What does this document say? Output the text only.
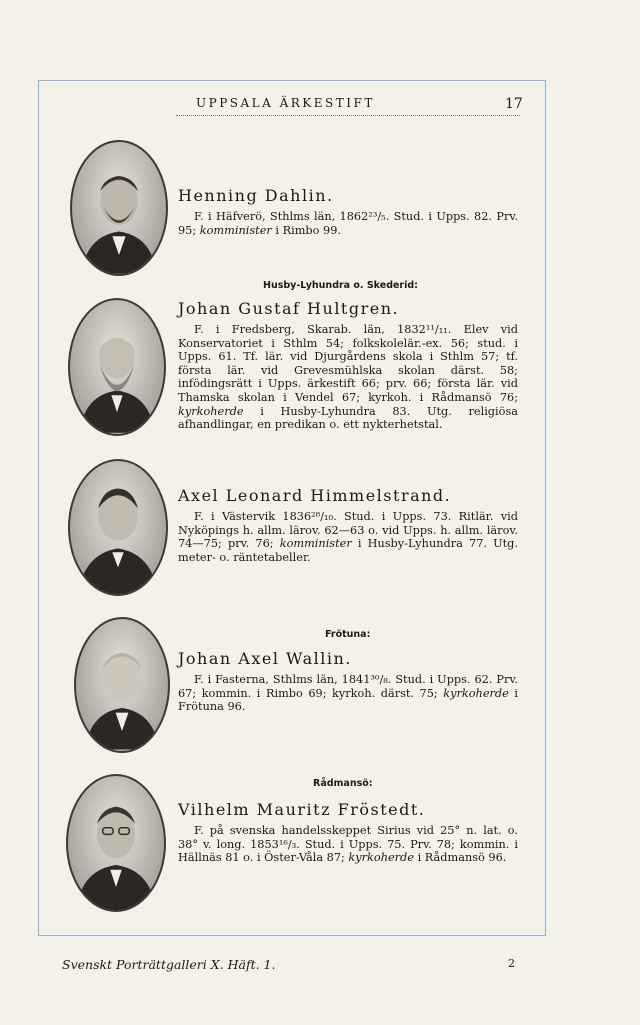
UPPSALA ÄRKESTIFT	17
Henning Dahlin.

F. i Häfverö, Sthlms län, 1862²³/₅. Stud. i Upps. 82. Prv. 95; komminister i Rimbo 99.

Husby-Lyhundra o. Skederid:
Johan Gustaf Hultgren.

F. i Fredsberg, Skarab. län, 1832¹¹/₁₁. Elev vid Konservatoriet i Sthlm 54; folkskolelär.-ex. 56; stud. i Upps. 61. Tf. lär. vid Djurgårdens skola i Sthlm 57; tf. första lär. vid Grevesmühlska skolan därst. 58; infödingsrätt i Upps. ärkestift 66; prv. 66; första lär. vid Thamska skolan i Vendel 67; kyrkoh. i Rådmansö 76; kyrkoherde i Husby-Lyhundra 83. Utg. religiösa afhandlingar, en predikan o. ett nykterhetstal.

Axel Leonard Himmelstrand.

F. i Västervik 1836²⁸/₁₀. Stud. i Upps. 73. Ritlär. vid Nyköpings h. allm. lärov. 62—63 o. vid Upps. h. allm. lärov. 74—75; prv. 76; komminister i Husby-Lyhundra 77. Utg. meter- o. räntetabeller.

Frötuna:
Johan Axel Wallin.

F. i Fasterna, Sthlms län, 1841³⁰/₈. Stud. i Upps. 62. Prv. 67; kommin. i Rimbo 69; kyrkoh. därst. 75; kyrkoherde i Frötuna 96.

Rådmansö:
Vilhelm Mauritz Fröstedt.

F. på svenska handelsskeppet Sirius vid 25° n. lat. o. 38° v. long. 1853¹⁶/₃. Stud. i Upps. 75. Prv. 78; kommin. i Hällnäs 81 o. i Öster-Våla 87; kyrkoherde i Rådmansö 96.

Svenskt Porträttgalleri X. Häft. 1.	2
